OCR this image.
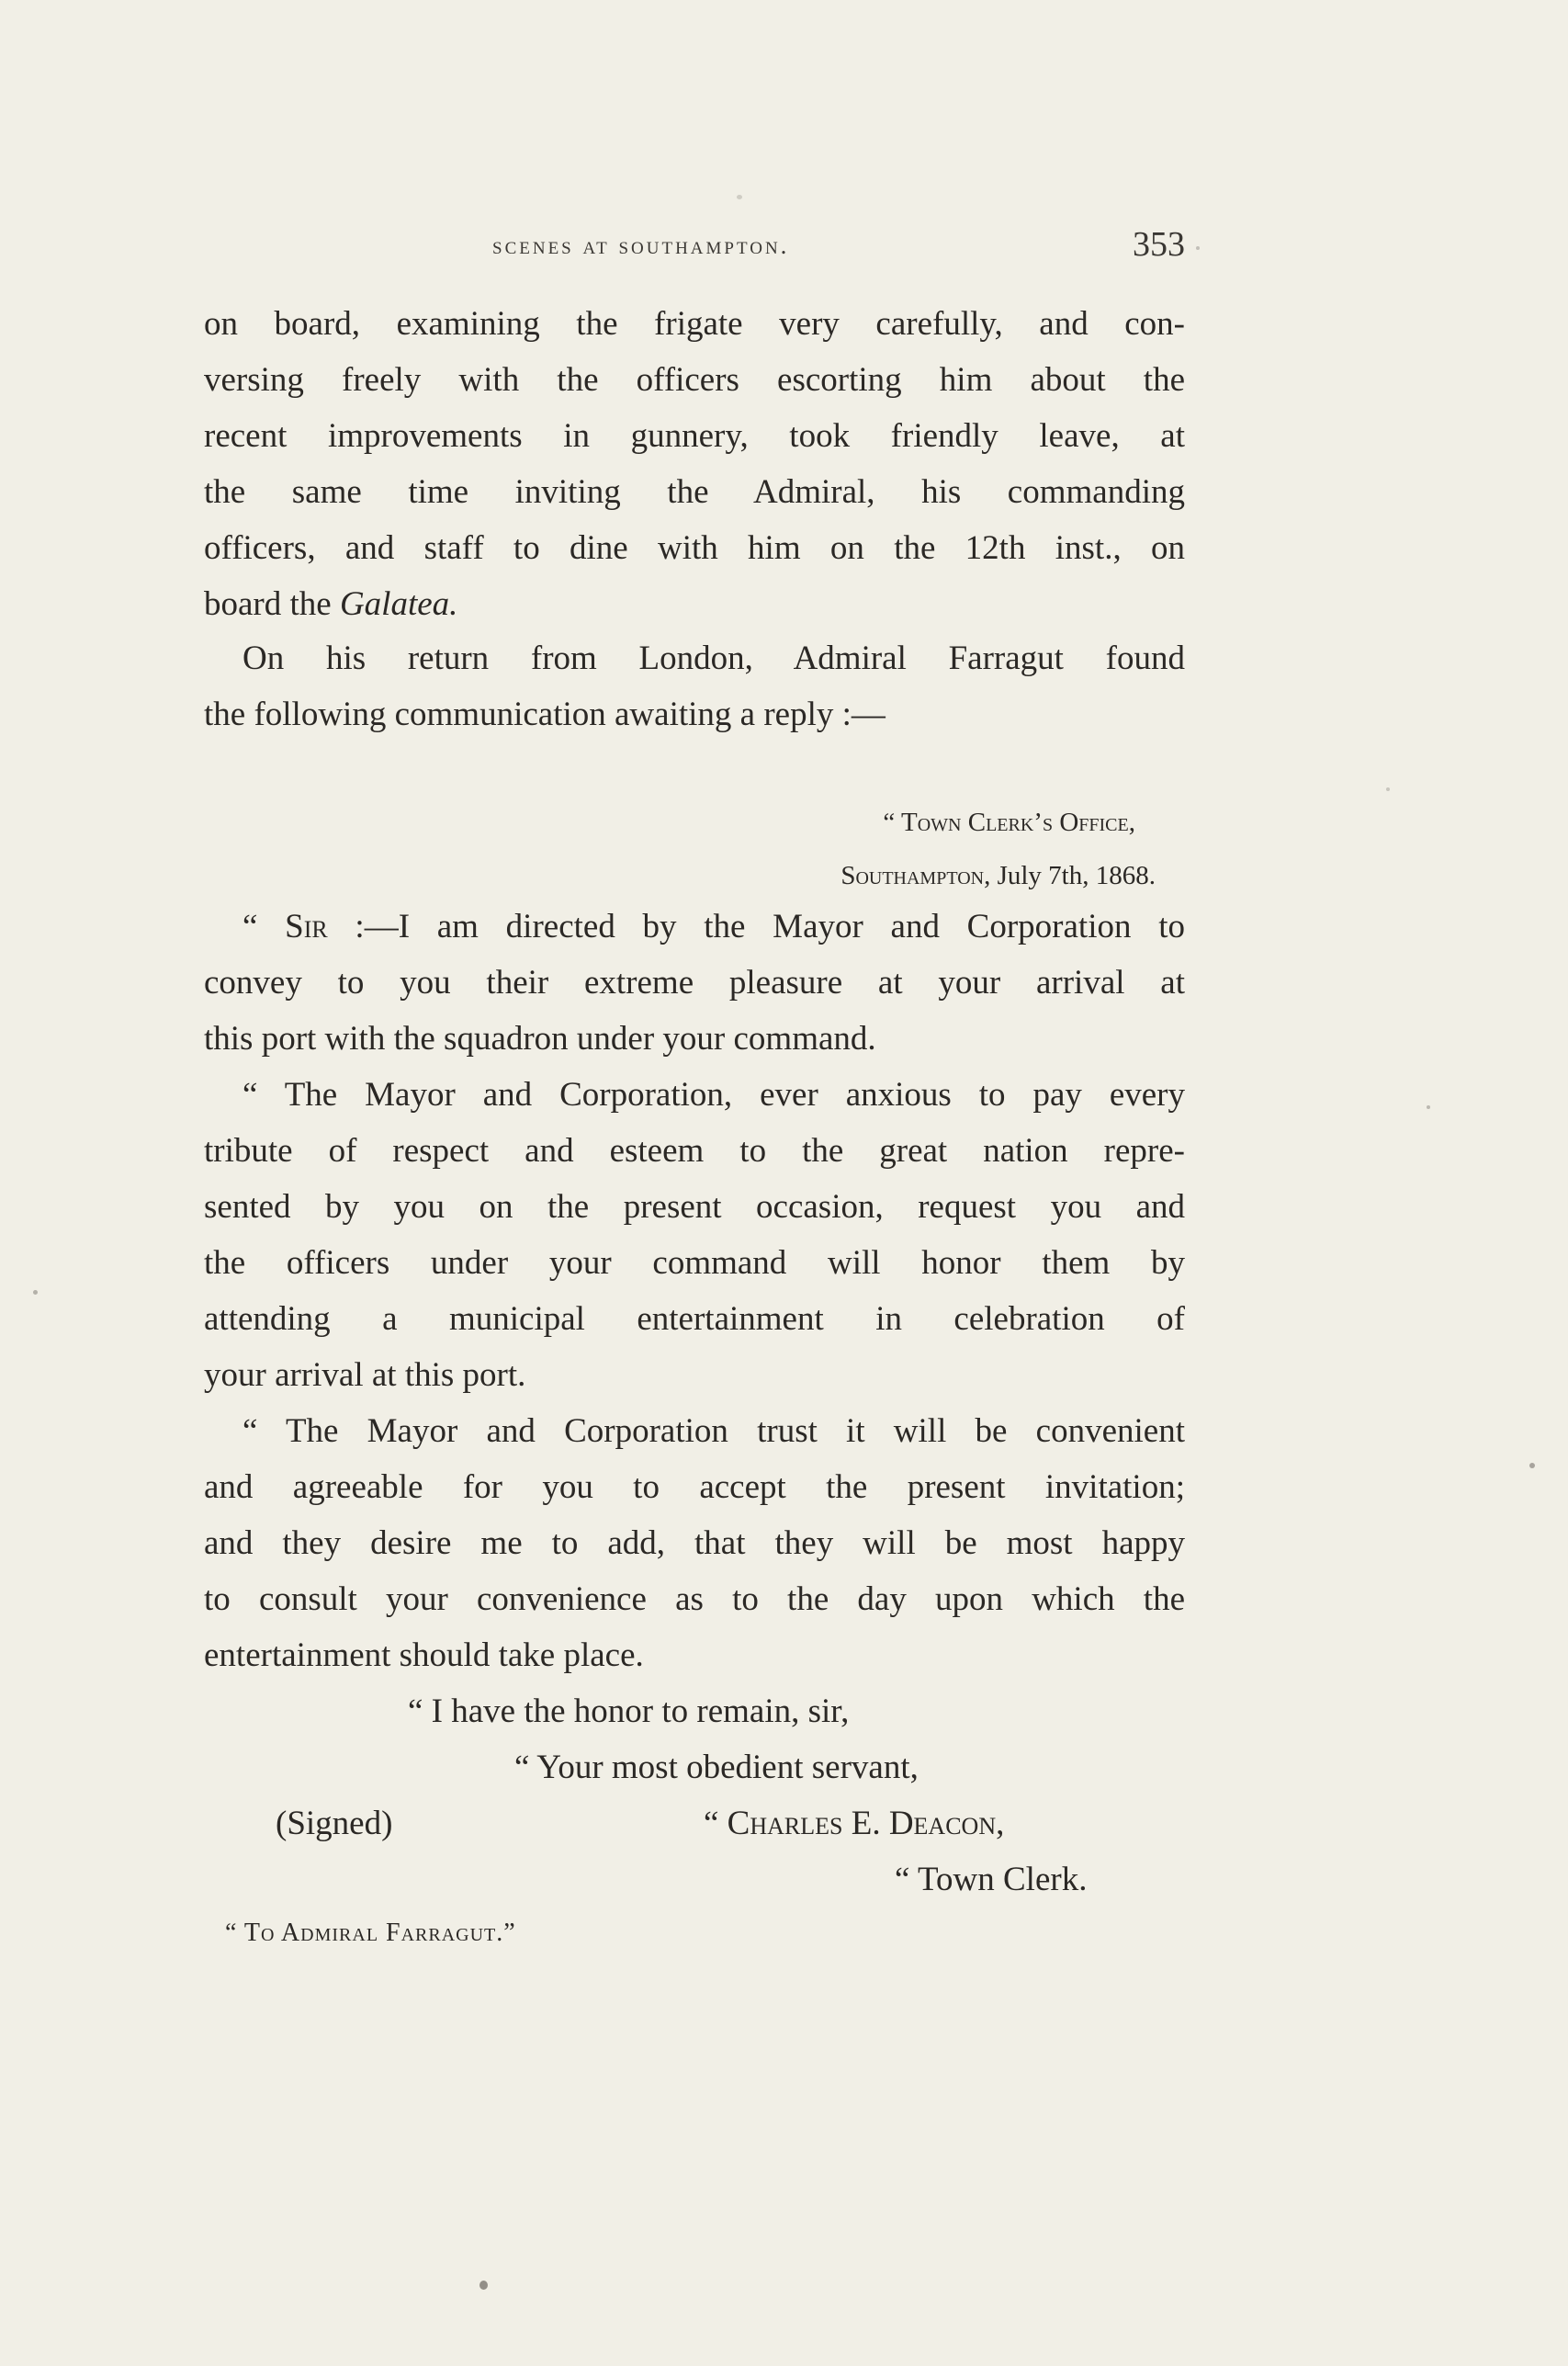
scenes at southampton.	353
on board, examining the frigate very carefully, and con-
versing freely with the officers escorting him about the
recent improvements in gunnery, took friendly leave, at
the same time inviting the Admiral, his commanding
officers, and staff to dine with him on the 12th inst., on
board the Galatea.
On his return from London, Admiral Farragut found
the following communication awaiting a reply :—
“ Town Clerk’s Office,
Southampton, July 7th, 1868.
“ Sir :—I am directed by the Mayor and Corporation to
convey to you their extreme pleasure at your arrival at
this port with the squadron under your command.
“ The Mayor and Corporation, ever anxious to pay every
tribute of respect and esteem to the great nation repre-
sented by you on the present occasion, request you and
the officers under your command will honor them by
attending a municipal entertainment in celebration of
your arrival at this port.
“ The Mayor and Corporation trust it will be convenient
and agreeable for you to accept the present invitation;
and they desire me to add, that they will be most happy
to consult your convenience as to the day upon which the
entertainment should take place.
“ I have the honor to remain, sir,
“ Your most obedient servant,
(Signed)	“ Charles E. Deacon,
“ Town Clerk.
“ To Admiral Farragut.”
